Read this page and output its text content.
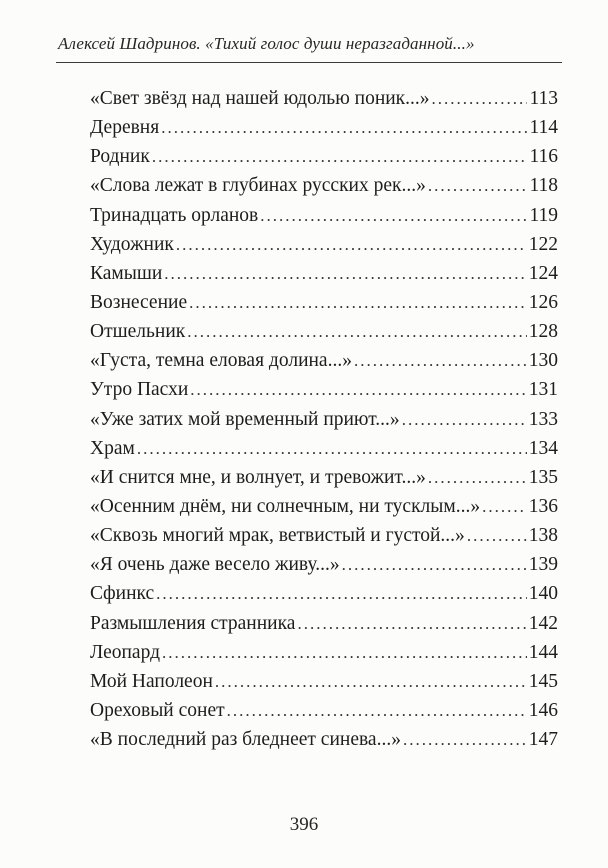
Алексей Шадринов. «Тихий голос души неразгаданной...»
«Свет звёзд над нашей юдолью поник...» .....	113
Деревня .....	114
Родник .....	116
«Слова лежат в глубинах русских рек...» .....	118
Тринадцать орланов .....	119
Художник .....	122
Камыши .....	124
Вознесение .....	126
Отшельник .....	128
«Густа, темна еловая долина...» .....	130
Утро Пасхи .....	131
«Уже затих мой временный приют...» .....	133
Храм .....	134
«И снится мне, и волнует, и тревожит...» .....	135
«Осенним днём, ни солнечным, ни тусклым...» ..... 136
«Сквозь многий мрак, ветвистый и густой...» .....	138
«Я очень даже весело живу...» .....	139
Сфинкс .....	140
Размышления странника .....	142
Леопард .....	144
Мой Наполеон .....	145
Ореховый сонет .....	146
«В последний раз бледнеет синева...» .....	147
396
